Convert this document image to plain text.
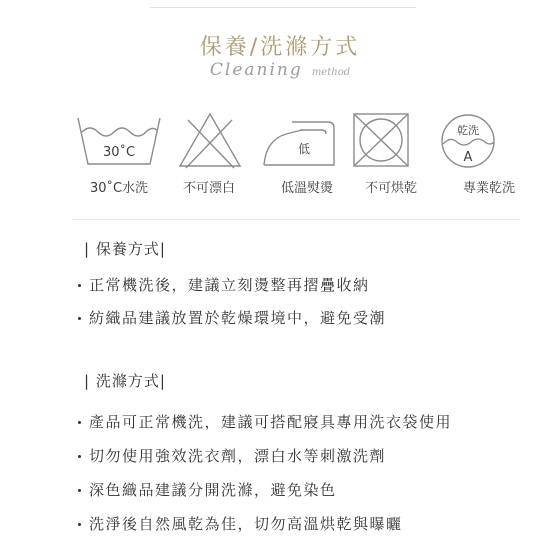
保養/洗滌方式
Cleaning method
30˚C
30˚C水洗	不可漂白
低
低溫熨燙	不可烘乾
乾洗
A
專業乾洗
| 保養方式|
正常機洗後，建議立刻燙整再摺疊收納
紡織品建議放置於乾燥環境中，避免受潮
| 洗滌方式|
產品可正常機洗，建議可搭配寢具專用洗衣袋使用
切勿使用強效洗衣劑，漂白水等刺激洗劑
深色織品建議分開洗滌，避免染色
洗淨後自然風乾為佳，切勿高溫烘乾與曝曬
